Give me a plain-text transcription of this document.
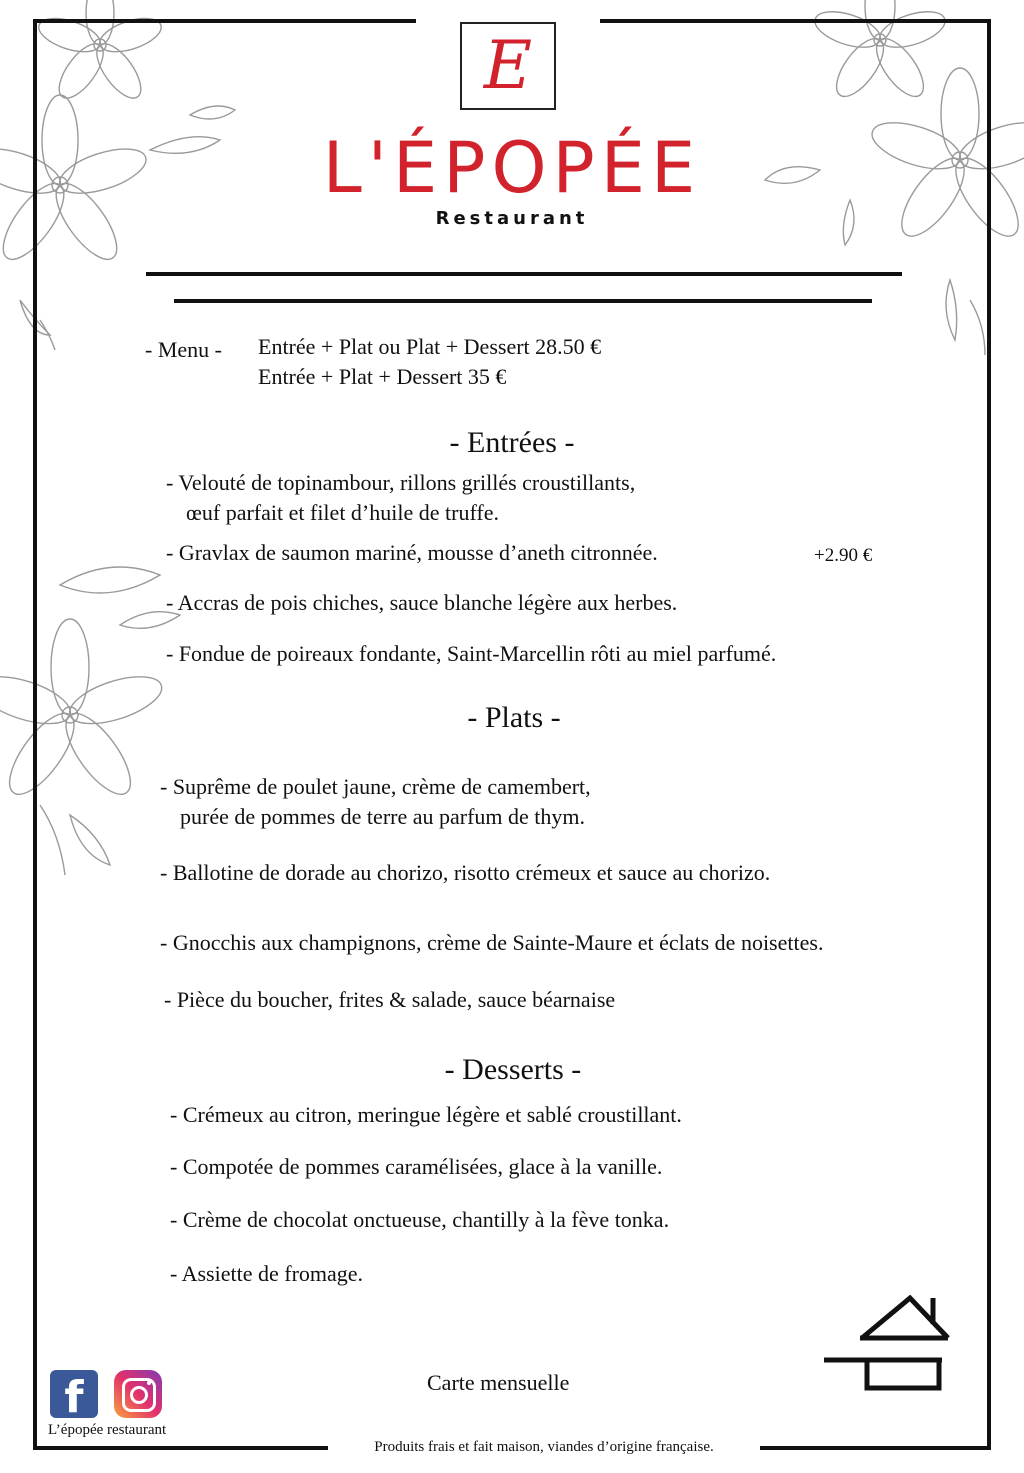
E
L'ÉPOPÉE
Restaurant
- Menu - Entrée + Plat ou Plat + Dessert 28.50 €
Entrée + Plat + Dessert 35 €
- Entrées -
- Velouté de topinambour, rillons grillés croustillants,
œuf parfait et filet d’huile de truffe.
- Gravlax de saumon mariné, mousse d’aneth citronnée.	+2.90 €
- Accras de pois chiches, sauce blanche légère aux herbes.
- Fondue de poireaux fondante, Saint-Marcellin rôti au miel parfumé.
- Plats -
- Suprême de poulet jaune, crème de camembert,
purée de pommes de terre au parfum de thym.
- Ballotine de dorade au chorizo, risotto crémeux et sauce au chorizo.
- Gnocchis aux champignons, crème de Sainte-Maure et éclats de noisettes.
- Pièce du boucher, frites & salade, sauce béarnaise
- Desserts -
- Crémeux au citron, meringue légère et sablé croustillant.
- Compotée de pommes caramélisées, glace à la vanille.
- Crème de chocolat onctueuse, chantilly à la fève tonka.
- Assiette de fromage.
Carte mensuelle
f
L’épopée restaurant
Produits frais et fait maison, viandes d’origine française.
